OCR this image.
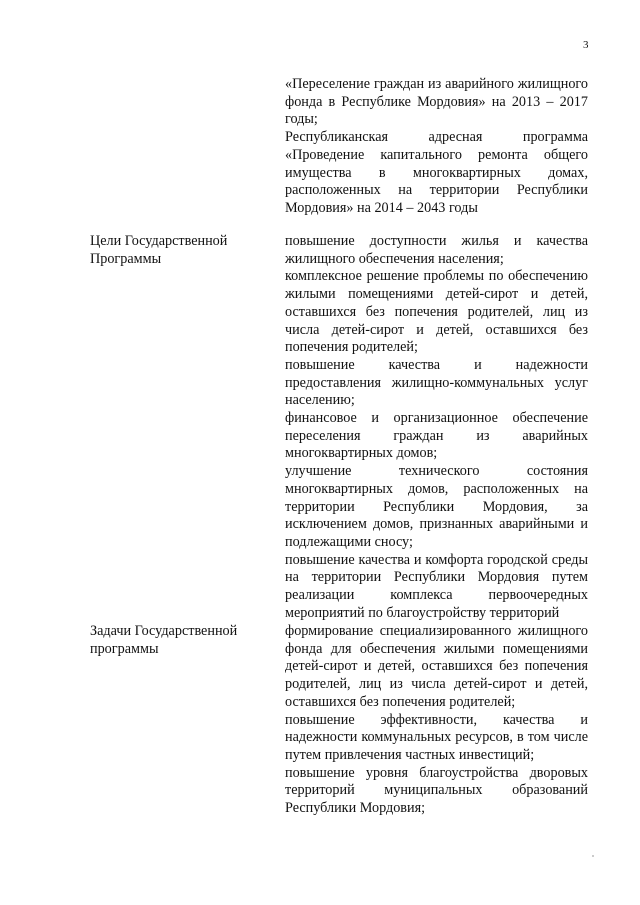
3

«Переселение граждан из аварийного жилищного фонда в Республике Мордовия» на 2013 – 2017 годы;

Республиканская адресная программа «Проведение капитального ремонта общего имущества в многоквартирных домах, расположенных на территории Республики Мордовия» на 2014 – 2043 годы

Цели Государственной Программы

повышение доступности жилья и качества жилищного обеспечения населения;

комплексное решение проблемы по обеспечению жилыми помещениями детей-сирот и детей, оставшихся без попечения родителей, лиц из числа детей-сирот и детей, оставшихся без попечения родителей;

повышение качества и надежности предоставления жилищно-коммунальных услуг населению;

финансовое и организационное обеспечение переселения граждан из аварийных многоквартирных домов;

улучшение технического состояния многоквартирных домов, расположенных на территории Республики Мордовия, за исключением домов, признанных аварийными и подлежащими сносу;

повышение качества и комфорта городской среды на территории Республики Мордовия путем реализации комплекса первоочередных мероприятий по благоустройству территорий

Задачи Государственной программы

формирование специализированного жилищного фонда для обеспечения жилыми помещениями детей-сирот и детей, оставшихся без попечения родителей, лиц из числа детей-сирот и детей, оставшихся без попечения родителей;

повышение эффективности, качества и надежности коммунальных ресурсов, в том числе путем привлечения частных инвестиций;

повышение уровня благоустройства дворовых территорий муниципальных образований Республики Мордовия;
